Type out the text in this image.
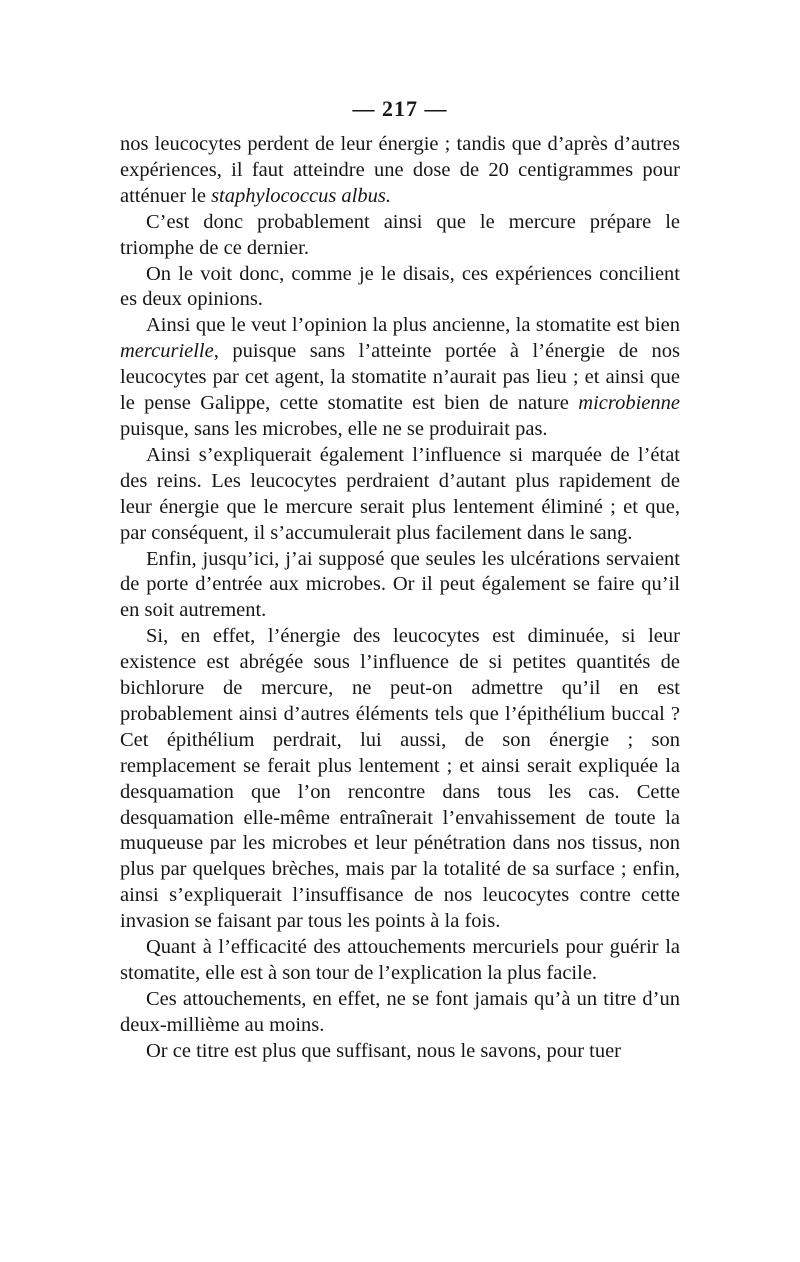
— 217 —

nos leucocytes perdent de leur énergie ; tandis que d’après d’autres expériences, il faut atteindre une dose de 20 centigrammes pour atténuer le staphylococcus albus.

C’est donc probablement ainsi que le mercure prépare le triomphe de ce dernier.

On le voit donc, comme je le disais, ces expériences concilient es deux opinions.

Ainsi que le veut l’opinion la plus ancienne, la stomatite est bien mercurielle, puisque sans l’atteinte portée à l’énergie de nos leucocytes par cet agent, la stomatite n’aurait pas lieu ; et ainsi que le pense Galippe, cette stomatite est bien de nature microbienne puisque, sans les microbes, elle ne se produirait pas.

Ainsi s’expliquerait également l’influence si marquée de l’état des reins. Les leucocytes perdraient d’autant plus rapidement de leur énergie que le mercure serait plus lentement éliminé ; et que, par conséquent, il s’accumulerait plus facilement dans le sang.

Enfin, jusqu’ici, j’ai supposé que seules les ulcérations servaient de porte d’entrée aux microbes. Or il peut également se faire qu’il en soit autrement.

Si, en effet, l’énergie des leucocytes est diminuée, si leur existence est abrégée sous l’influence de si petites quantités de bichlorure de mercure, ne peut-on admettre qu’il en est probablement ainsi d’autres éléments tels que l’épithélium buccal ? Cet épithélium perdrait, lui aussi, de son énergie ; son remplacement se ferait plus lentement ; et ainsi serait expliquée la desquamation que l’on rencontre dans tous les cas. Cette desquamation elle-même entraînerait l’envahissement de toute la muqueuse par les microbes et leur pénétration dans nos tissus, non plus par quelques brèches, mais par la totalité de sa surface ; enfin, ainsi s’expliquerait l’insuffisance de nos leucocytes contre cette invasion se faisant par tous les points à la fois.

Quant à l’efficacité des attouchements mercuriels pour guérir la stomatite, elle est à son tour de l’explication la plus facile.

Ces attouchements, en effet, ne se font jamais qu’à un titre d’un deux-millième au moins.

Or ce titre est plus que suffisant, nous le savons, pour tuer
